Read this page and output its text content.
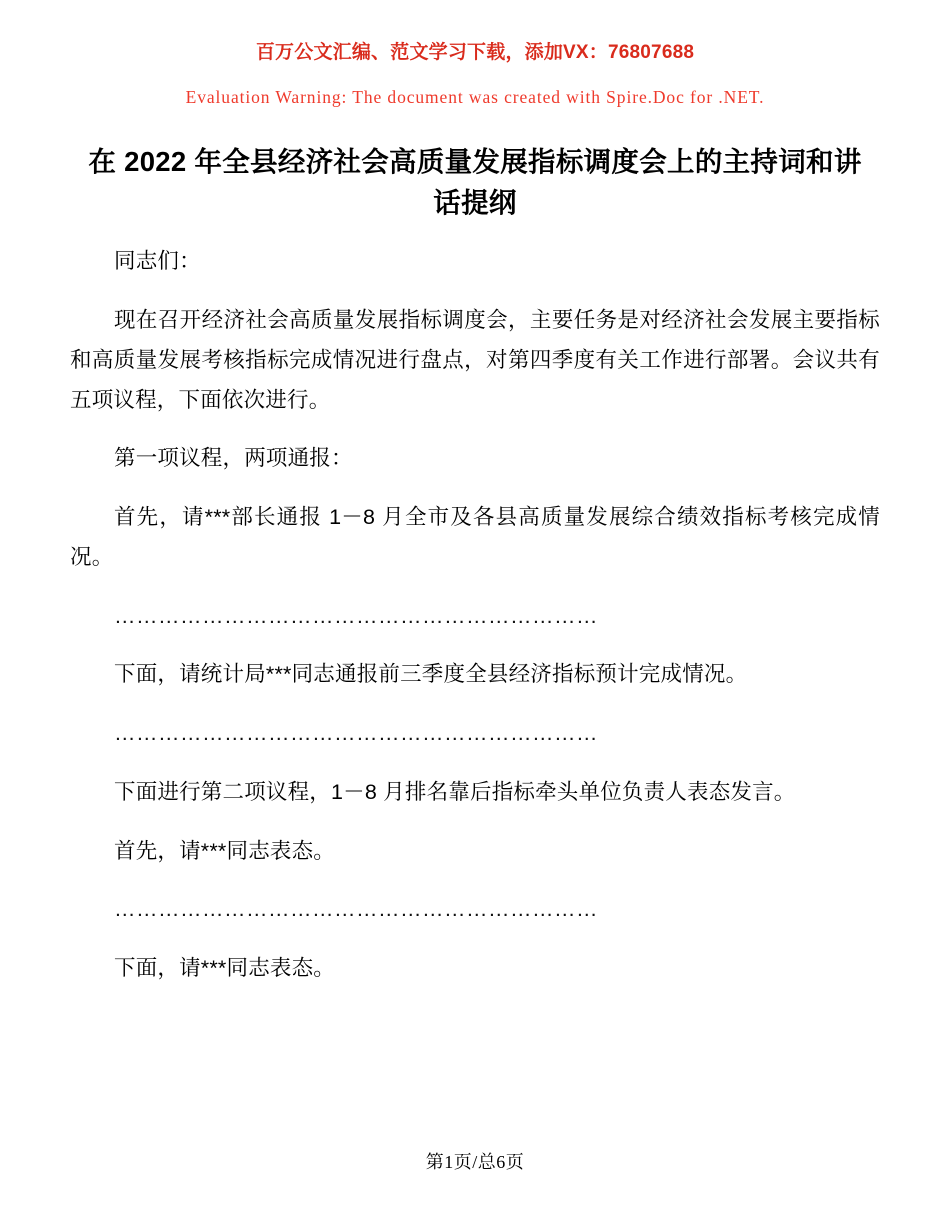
百万公文汇编、范文学习下载，添加VX：76807688
Evaluation Warning: The document was created with Spire.Doc for .NET.
在 2022 年全县经济社会高质量发展指标调度会上的主持词和讲话提纲

同志们：

现在召开经济社会高质量发展指标调度会，主要任务是对经济社会发展主要指标和高质量发展考核指标完成情况进行盘点，对第四季度有关工作进行部署。会议共有五项议程，下面依次进行。

第一项议程，两项通报：

首先，请***部长通报 1－8 月全市及各县高质量发展综合绩效指标考核完成情况。

…………………………………………………………

下面，请统计局***同志通报前三季度全县经济指标预计完成情况。

…………………………………………………………

下面进行第二项议程，1－8 月排名靠后指标牵头单位负责人表态发言。

首先，请***同志表态。

…………………………………………………………

下面，请***同志表态。

第1页/总6页
